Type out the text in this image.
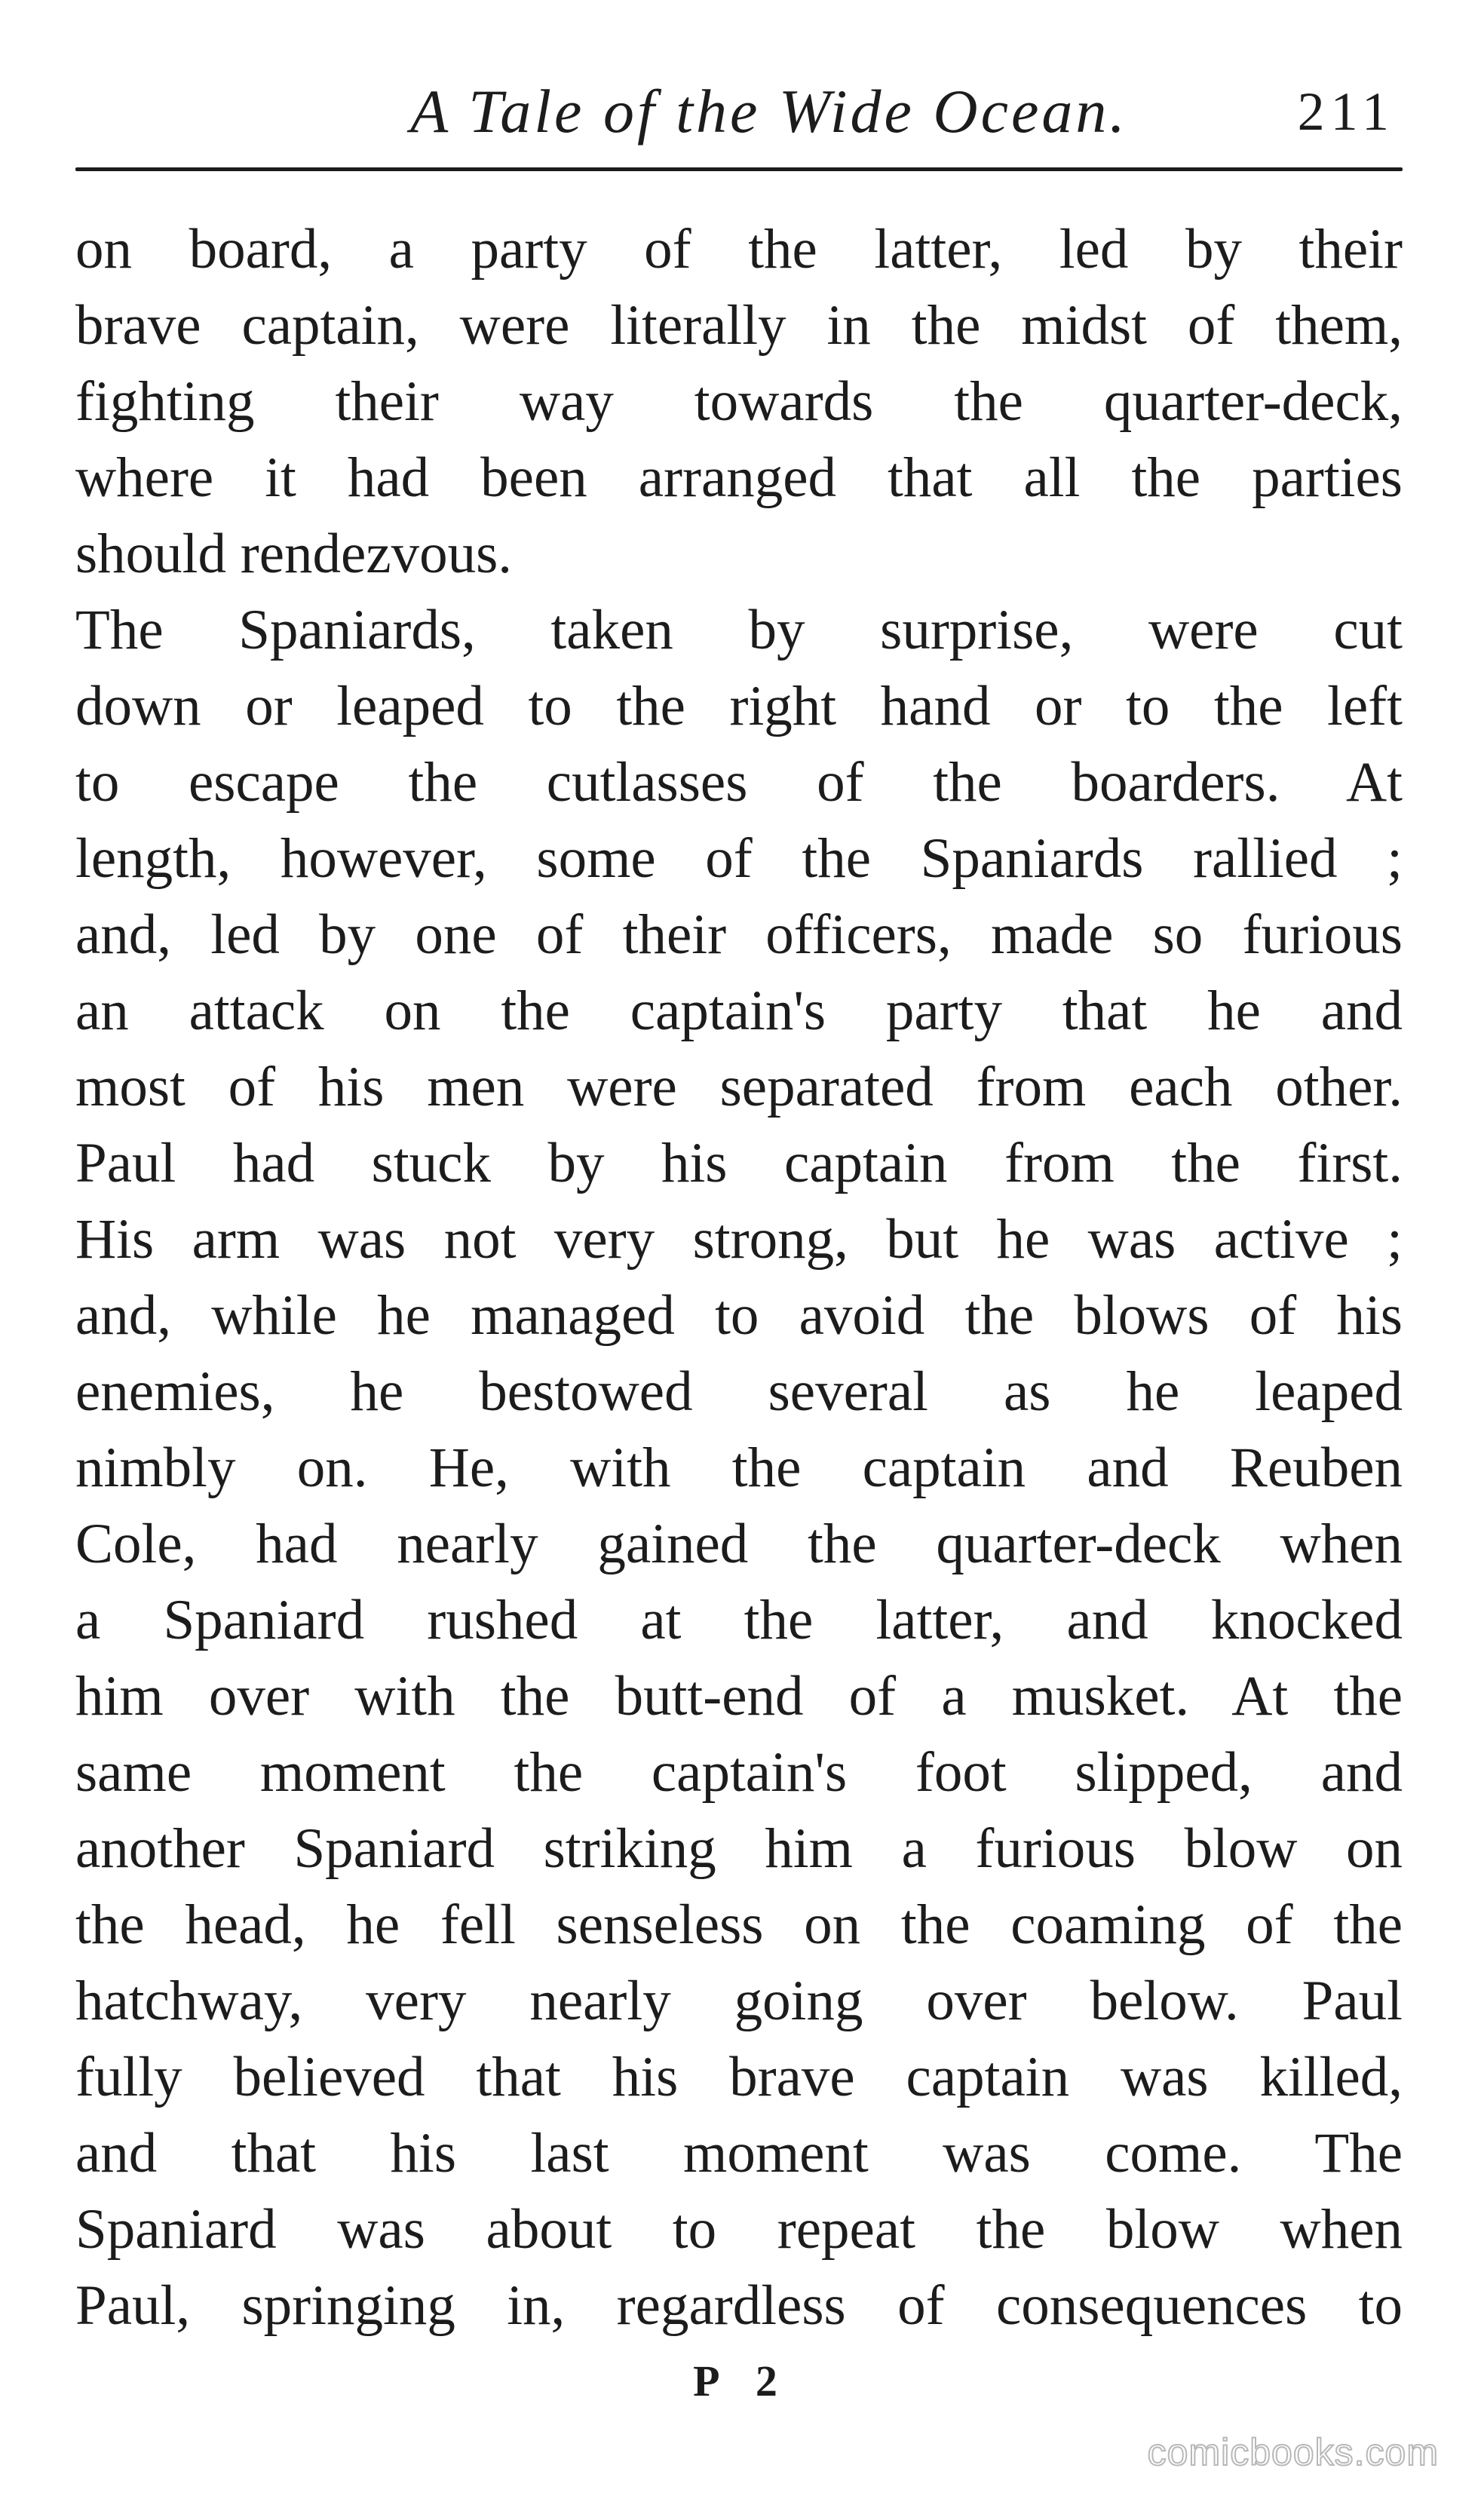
A Tale of the Wide Ocean.	211
on board, a party of the latter, led by their
brave captain, were literally in the midst of them,
fighting their way towards the quarter-deck,
where it had been arranged that all the parties
should rendezvous.
The Spaniards, taken by surprise, were cut
down or leaped to the right hand or to the left
to escape the cutlasses of the boarders. At
length, however, some of the Spaniards rallied ;
and, led by one of their officers, made so furious
an attack on the captain's party that he and
most of his men were separated from each other.
Paul had stuck by his captain from the first.
His arm was not very strong, but he was active ;
and, while he managed to avoid the blows of his
enemies, he bestowed several as he leaped
nimbly on. He, with the captain and Reuben
Cole, had nearly gained the quarter-deck when
a Spaniard rushed at the latter, and knocked
him over with the butt-end of a musket. At the
same moment the captain's foot slipped, and
another Spaniard striking him a furious blow on
the head, he fell senseless on the coaming of the
hatchway, very nearly going over below. Paul
fully believed that his brave captain was killed,
and that his last moment was come. The
Spaniard was about to repeat the blow when
Paul, springing in, regardless of consequences to
P 2
comicbooks.com
